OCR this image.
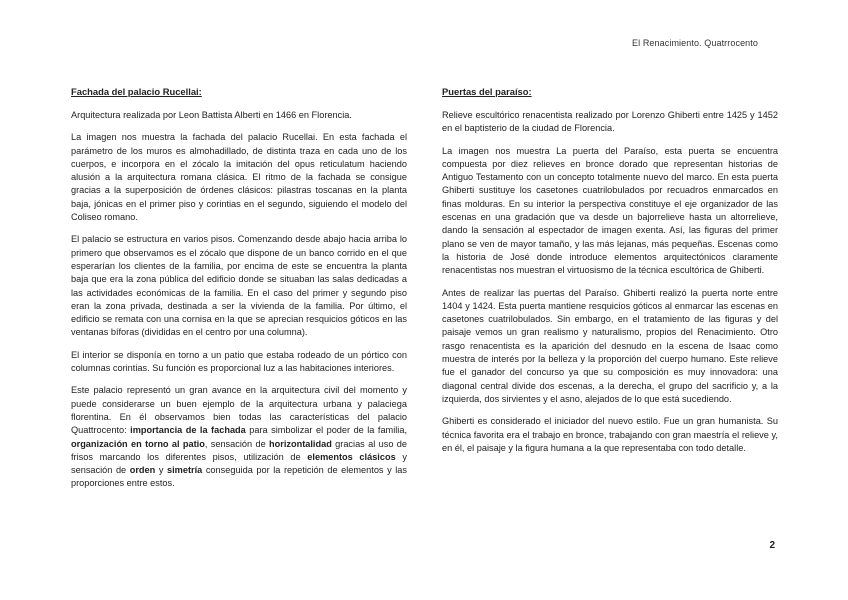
El Renacimiento. Quatrrocento
Fachada del palacio Rucellai:

Arquitectura realizada por Leon Battista Alberti en 1466 en Florencia.

La imagen nos muestra la fachada del palacio Rucellai. En esta fachada el parámetro de los muros es almohadillado, de distinta traza en cada uno de los cuerpos, e incorpora en el zócalo la imitación del opus reticulatum haciendo alusión a la arquitectura romana clásica. El ritmo de la fachada se consigue gracias a la superposición de órdenes clásicos: pilastras toscanas en la planta baja, jónicas en el primer piso y corintias en el segundo, siguiendo el modelo del Coliseo romano.

El palacio se estructura en varios pisos. Comenzando desde abajo hacia arriba lo primero que observamos es el zócalo que dispone de un banco corrido en el que esperarían los clientes de la familia, por encima de este se encuentra la planta baja que era la zona pública del edificio donde se situaban las salas dedicadas a las actividades económicas de la familia. En el caso del primer y segundo piso eran la zona privada, destinada a ser la vivienda de la familia. Por último, el edificio se remata con una cornisa en la que se aprecian resquicios góticos en las ventanas bíforas (divididas en el centro por una columna).

El interior se disponía en torno a un patio que estaba rodeado de un pórtico con columnas corintias. Su función es proporcional luz a las habitaciones interiores.

Este palacio representó un gran avance en la arquitectura civil del momento y puede considerarse un buen ejemplo de la arquitectura urbana y palaciega florentina. En él observamos bien todas las características del palacio Quattrocento: importancia de la fachada para simbolizar el poder de la familia, organización en torno al patio, sensación de horizontalidad gracias al uso de frisos marcando los diferentes pisos, utilización de elementos clásicos y sensación de orden y simetría conseguida por la repetición de elementos y las proporciones entre estos.

Puertas del paraíso:

Relieve escultórico renacentista realizado por Lorenzo Ghiberti entre 1425 y 1452 en el baptisterio de la ciudad de Florencia.

La imagen nos muestra La puerta del Paraíso, esta puerta se encuentra compuesta por diez relieves en bronce dorado que representan historias de Antiguo Testamento con un concepto totalmente nuevo del marco. En esta puerta Ghiberti sustituye los casetones cuatrilobulados por recuadros enmarcados en finas molduras. En su interior la perspectiva constituye el eje organizador de las escenas en una gradación que va desde un bajorrelieve hasta un altorrelieve, dando la sensación al espectador de imagen exenta. Así, las figuras del primer plano se ven de mayor tamaño, y las más lejanas, más pequeñas. Escenas como la historia de José donde introduce elementos arquitectónicos claramente renacentistas nos muestran el virtuosismo de la técnica escultórica de Ghiberti.

Antes de realizar las puertas del Paraíso. Ghiberti realizó la puerta norte entre 1404 y 1424. Esta puerta mantiene resquicios góticos al enmarcar las escenas en casetones cuatrilobulados. Sin embargo, en el tratamiento de las figuras y del paisaje vemos un gran realismo y naturalismo, propios del Renacimiento. Otro rasgo renacentista es la aparición del desnudo en la escena de Isaac como muestra de interés por la belleza y la proporción del cuerpo humano. Este relieve fue el ganador del concurso ya que su composición es muy innovadora: una diagonal central divide dos escenas, a la derecha, el grupo del sacrificio y, a la izquierda, dos sirvientes y el asno, alejados de lo que está sucediendo.

Ghiberti es considerado el iniciador del nuevo estilo. Fue un gran humanista. Su técnica favorita era el trabajo en bronce, trabajando con gran maestría el relieve y, en él, el paisaje y la figura humana a la que representaba con todo detalle.

2
